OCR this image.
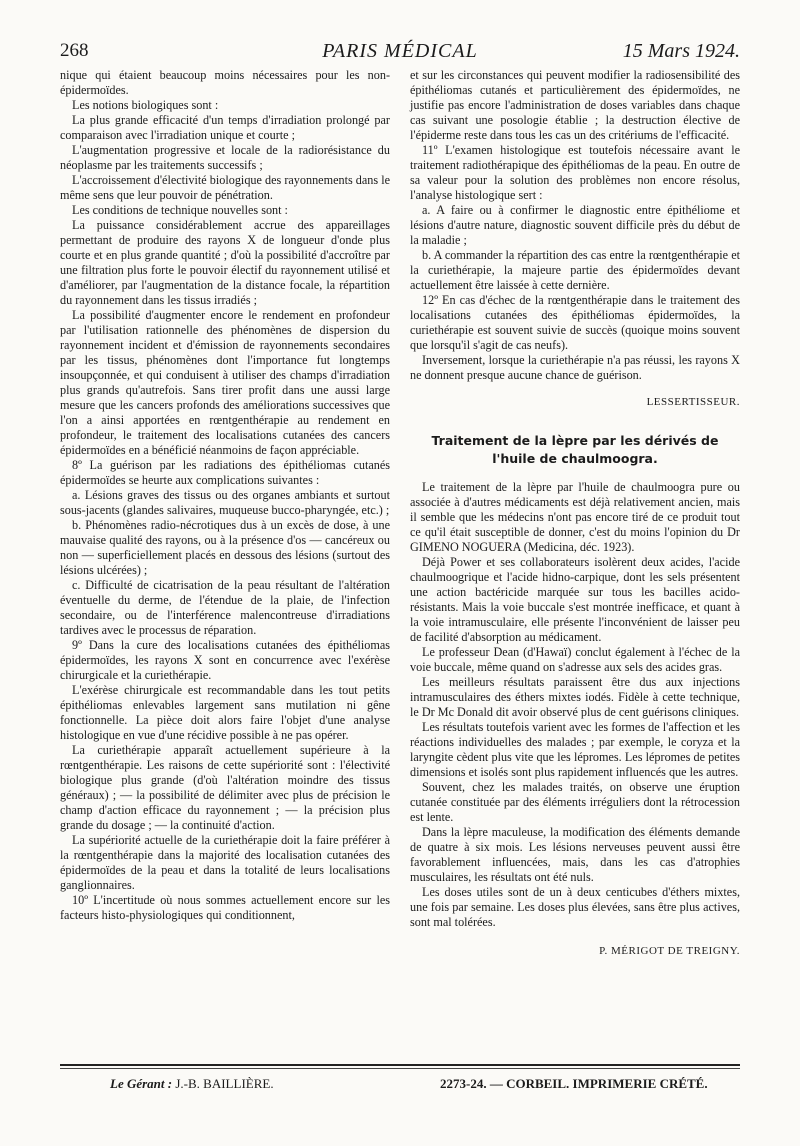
268	PARIS MÉDICAL	15 Mars 1924.

nique qui étaient beaucoup moins nécessaires pour les non-épidermoïdes.

Les notions biologiques sont :

La plus grande efficacité d'un temps d'irradiation prolongé par comparaison avec l'irradiation unique et courte ;

L'augmentation progressive et locale de la radiorésistance du néoplasme par les traitements successifs ;

L'accroissement d'électivité biologique des rayonnements dans le même sens que leur pouvoir de pénétration.

Les conditions de technique nouvelles sont :

La puissance considérablement accrue des appareillages permettant de produire des rayons X de longueur d'onde plus courte et en plus grande quantité ; d'où la possibilité d'accroître par une filtration plus forte le pouvoir électif du rayonnement utilisé et d'améliorer, par l'augmentation de la distance focale, la répartition du rayonnement dans les tissus irradiés ;

La possibilité d'augmenter encore le rendement en profondeur par l'utilisation rationnelle des phénomènes de dispersion du rayonnement incident et d'émission de rayonnements secondaires par les tissus, phénomènes dont l'importance fut longtemps insoupçonnée, et qui conduisent à utiliser des champs d'irradiation plus grands qu'autrefois. Sans tirer profit dans une aussi large mesure que les cancers profonds des améliorations successives que l'on a ainsi apportées en rœntgenthérapie au rendement en profondeur, le traitement des localisations cutanées des cancers épidermoïdes en a bénéficié néanmoins de façon appréciable.

8º La guérison par les radiations des épithéliomas cutanés épidermoïdes se heurte aux complications suivantes :

a. Lésions graves des tissus ou des organes ambiants et surtout sous-jacents (glandes salivaires, muqueuse bucco-pharyngée, etc.) ;

b. Phénomènes radio-nécrotiques dus à un excès de dose, à une mauvaise qualité des rayons, ou à la présence d'os — cancéreux ou non — superficiellement placés en dessous des lésions (surtout des lésions ulcérées) ;

c. Difficulté de cicatrisation de la peau résultant de l'altération éventuelle du derme, de l'étendue de la plaie, de l'infection secondaire, ou de l'interférence malencontreuse d'irradiations tardives avec le processus de réparation.

9º Dans la cure des localisations cutanées des épithéliomas épidermoïdes, les rayons X sont en concurrence avec l'exérèse chirurgicale et la curiethérapie.

L'exérèse chirurgicale est recommandable dans les tout petits épithéliomas enlevables largement sans mutilation ni gêne fonctionnelle. La pièce doit alors faire l'objet d'une analyse histologique en vue d'une récidive possible à ne pas opérer.

La curiethérapie apparaît actuellement supérieure à la rœntgenthérapie. Les raisons de cette supériorité sont : l'électivité biologique plus grande (d'où l'altération moindre des tissus généraux) ; — la possibilité de délimiter avec plus de précision le champ d'action efficace du rayonnement ; — la précision plus grande du dosage ; — la continuité d'action.

La supériorité actuelle de la curiethérapie doit la faire préférer à la rœntgenthérapie dans la majorité des localisation cutanées des épidermoïdes de la peau et dans la totalité de leurs localisations ganglionnaires.

10º L'incertitude où nous sommes actuellement encore sur les facteurs histo-physiologiques qui conditionnent,

et sur les circonstances qui peuvent modifier la radiosensibilité des épithéliomas cutanés et particulièrement des épidermoïdes, ne justifie pas encore l'administration de doses variables dans chaque cas suivant une posologie établie ; la destruction élective de l'épiderme reste dans tous les cas un des critériums de l'efficacité.

11º L'examen histologique est toutefois nécessaire avant le traitement radiothérapique des épithéliomas de la peau. En outre de sa valeur pour la solution des problèmes non encore résolus, l'analyse histologique sert :

a. A faire ou à confirmer le diagnostic entre épithéliome et lésions d'autre nature, diagnostic souvent difficile près du début de la maladie ;

b. A commander la répartition des cas entre la rœntgenthérapie et la curiethérapie, la majeure partie des épidermoïdes devant actuellement être laissée à cette dernière.

12º En cas d'échec de la rœntgenthérapie dans le traitement des localisations cutanées des épithéliomas épidermoïdes, la curiethérapie est souvent suivie de succès (quoique moins souvent que lorsqu'il s'agit de cas neufs).

Inversement, lorsque la curiethérapie n'a pas réussi, les rayons X ne donnent presque aucune chance de guérison.

LESSERTISSEUR.

Traitement de la lèpre par les dérivés de
l'huile de chaulmoogra.

Le traitement de la lèpre par l'huile de chaulmoogra pure ou associée à d'autres médicaments est déjà relativement ancien, mais il semble que les médecins n'ont pas encore tiré de ce produit tout ce qu'il était susceptible de donner, c'est du moins l'opinion du Dr GIMENO NOGUERA (Medicina, déc. 1923).

Déjà Power et ses collaborateurs isolèrent deux acides, l'acide chaulmoogrique et l'acide hidno-carpique, dont les sels présentent une action bactéricide marquée sur tous les bacilles acido-résistants. Mais la voie buccale s'est montrée inefficace, et quant à la voie intramusculaire, elle présente l'inconvénient de laisser peu de facilité d'absorption au médicament.

Le professeur Dean (d'Hawaï) conclut également à l'échec de la voie buccale, même quand on s'adresse aux sels des acides gras.

Les meilleurs résultats paraissent être dus aux injections intramusculaires des éthers mixtes iodés. Fidèle à cette technique, le Dr Mc Donald dit avoir observé plus de cent guérisons cliniques.

Les résultats toutefois varient avec les formes de l'affection et les réactions individuelles des malades ; par exemple, le coryza et la laryngite cèdent plus vite que les lépromes. Les lépromes de petites dimensions et isolés sont plus rapidement influencés que les autres.

Souvent, chez les malades traités, on observe une éruption cutanée constituée par des éléments irréguliers dont la rétrocession est lente.

Dans la lèpre maculeuse, la modification des éléments demande de quatre à six mois. Les lésions nerveuses peuvent aussi être favorablement influencées, mais, dans les cas d'atrophies musculaires, les résultats ont été nuls.

Les doses utiles sont de un à deux centicubes d'éthers mixtes, une fois par semaine. Les doses plus élevées, sans être plus actives, sont mal tolérées.

P. MÉRIGOT DE TREIGNY.

Le Gérant : J.-B. BAILLIÈRE.	2273-24. — CORBEIL. IMPRIMERIE CRÉTÉ.
